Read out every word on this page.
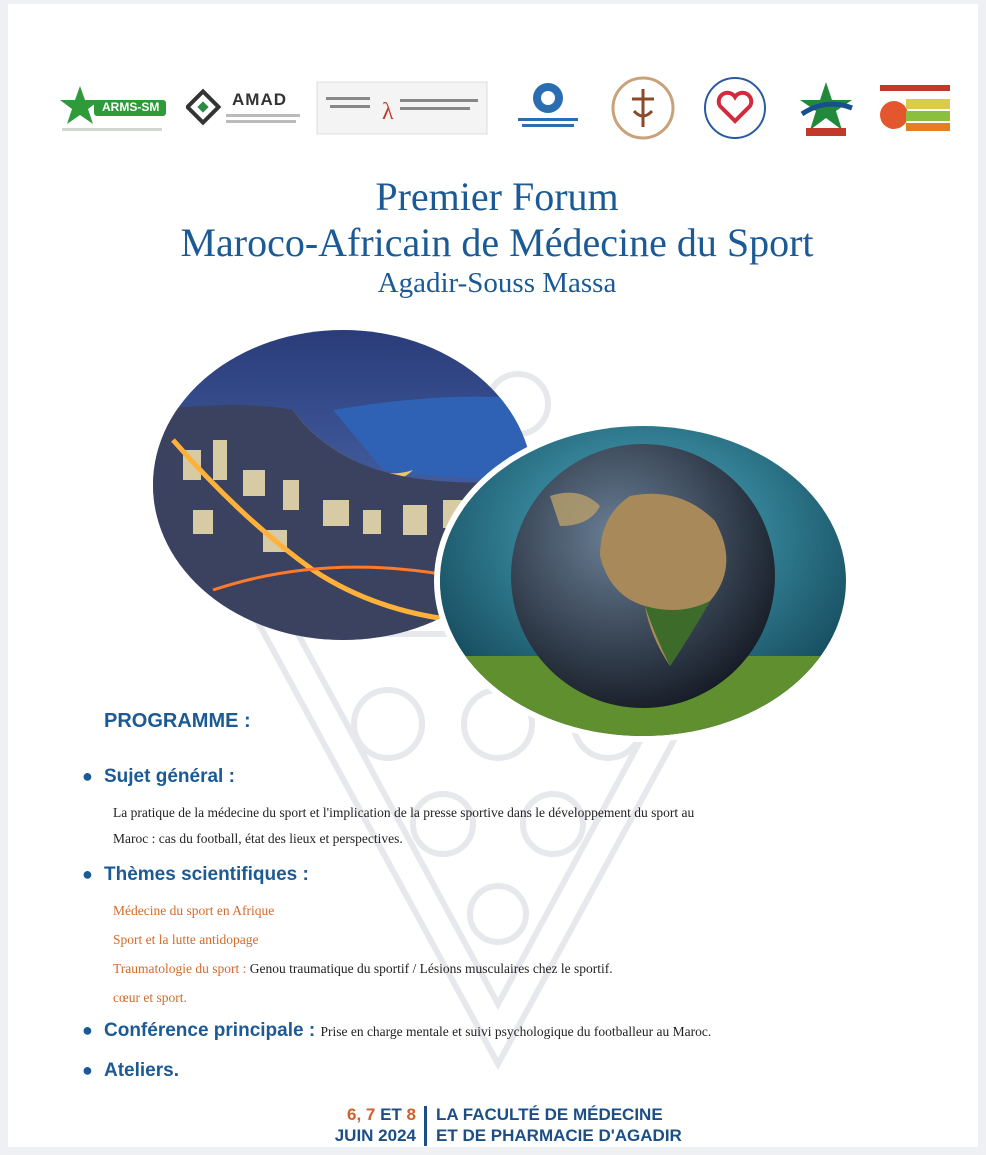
ARMS-SM	AMAD	λ
Premier Forum
Maroco-Africain de Médecine du Sport
Agadir-Souss Massa
PROGRAMME :
● Sujet général :
La pratique de la médecine du sport et l'implication de la presse sportive dans le développement du sport au
Maroc : cas du football, état des lieux et perspectives.
● Thèmes scientifiques :
Médecine du sport en Afrique
Sport et la lutte antidopage
Traumatologie du sport : Genou traumatique du sportif / Lésions musculaires chez le sportif.
cœur et sport.
● Conférence principale : Prise en charge mentale et suivi psychologique du footballeur au Maroc.
● Ateliers.
6, 7 ET 8
JUIN 2024
LA FACULTÉ DE MÉDECINE
ET DE PHARMACIE D'AGADIR
